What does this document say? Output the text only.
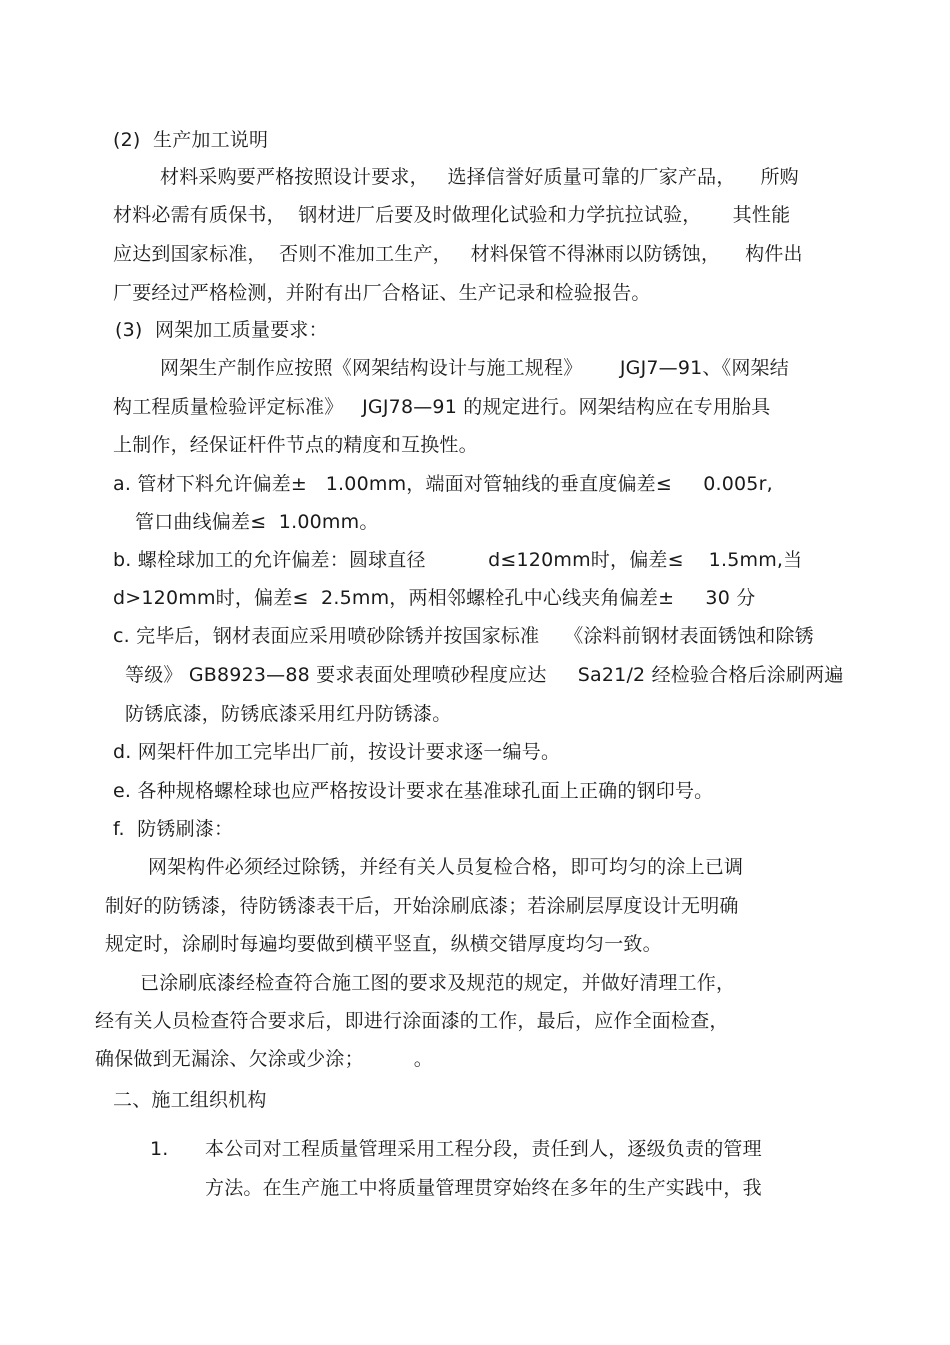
(2)  生产加工说明
材料采购要严格按照设计要求，   选择信誉好质量可靠的厂家产品，    所购
材料必需有质保书，  钢材进厂后要及时做理化试验和力学抗拉试验，     其性能
应达到国家标准，  否则不准加工生产，   材料保管不得淋雨以防锈蚀，    构件出
厂要经过严格检测，并附有出厂合格证、生产记录和检验报告。
(3)  网架加工质量要求：
网架生产制作应按照《网架结构设计与施工规程》      JGJ7—91、《网架结
构工程质量检验评定标准》   JGJ78—91 的规定进行。网架结构应在专用胎具
上制作，经保证杆件节点的精度和互换性。
a. 管材下料允许偏差±   1.00mm，端面对管轴线的垂直度偏差≤     0.005r,
管口曲线偏差≤  1.00mm。
b. 螺栓球加工的允许偏差：圆球直径          d≤120mm时，偏差≤    1.5mm,当
d>120mm时，偏差≤  2.5mm，两相邻螺栓孔中心线夹角偏差±     30 分
c. 完毕后，钢材表面应采用喷砂除锈并按国家标准    《涂料前钢材表面锈蚀和除锈
等级》 GB8923—88 要求表面处理喷砂程度应达     Sa21/2 经检验合格后涂刷两遍
防锈底漆，防锈底漆采用红丹防锈漆。
d. 网架杆件加工完毕出厂前，按设计要求逐一编号。
e. 各种规格螺栓球也应严格按设计要求在基准球孔面上正确的钢印号。
f.  防锈刷漆：
网架构件必须经过除锈，并经有关人员复检合格，即可均匀的涂上已调
制好的防锈漆，待防锈漆表干后，开始涂刷底漆；若涂刷层厚度设计无明确
规定时，涂刷时每遍均要做到横平竖直，纵横交错厚度均匀一致。
已涂刷底漆经检查符合施工图的要求及规范的规定，并做好清理工作，
经有关人员检查符合要求后，即进行涂面漆的工作，最后，应作全面检查，
确保做到无漏涂、欠涂或少涂；        。
二、施工组织机构
1. 本公司对工程质量管理采用工程分段，责任到人，逐级负责的管理
方法。在生产施工中将质量管理贯穿始终在多年的生产实践中，我
